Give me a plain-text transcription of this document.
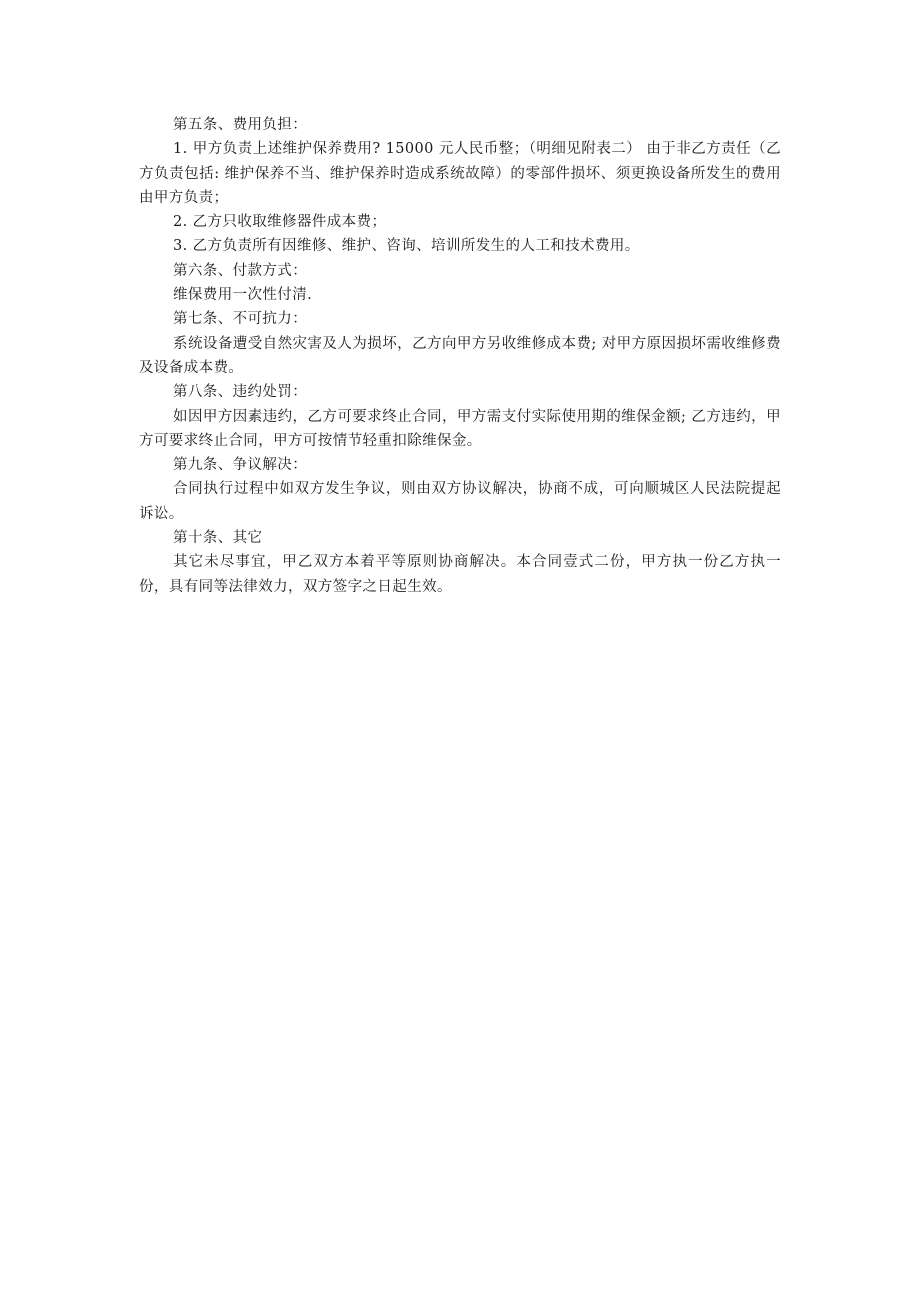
第五条、费用负担：

1. 甲方负责上述维护保养费用? 15000 元人民币整；（明细见附表二） 由于非乙方责任（乙方负责包括: 维护保养不当、维护保养时造成系统故障）的零部件损坏、须更换设备所发生的费用由甲方负责；

2. 乙方只收取维修器件成本费；

3. 乙方负责所有因维修、维护、咨询、培训所发生的人工和技术费用。

第六条、付款方式：

维保费用一次性付清.

第七条、不可抗力：

系统设备遭受自然灾害及人为损坏，乙方向甲方另收维修成本费; 对甲方原因损坏需收维修费及设备成本费。

第八条、违约处罚：

如因甲方因素违约，乙方可要求终止合同，甲方需支付实际使用期的维保金额; 乙方违约，甲方可要求终止合同，甲方可按情节轻重扣除维保金。

第九条、争议解决：

合同执行过程中如双方发生争议，则由双方协议解决，协商不成，可向顺城区人民法院提起诉讼。

第十条、其它

其它未尽事宜，甲乙双方本着平等原则协商解决。本合同壹式二份，甲方执一份乙方执一份，具有同等法律效力，双方签字之日起生效。
